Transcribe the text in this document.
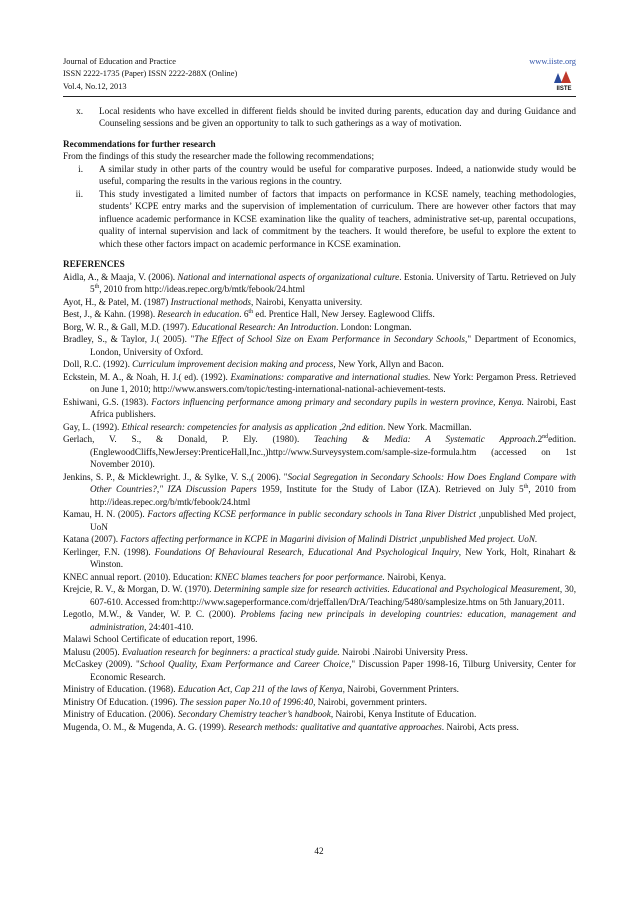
Journal of Education and Practice
ISSN 2222-1735 (Paper) ISSN 2222-288X (Online)
Vol.4, No.12, 2013
www.iiste.org
IISTE
x.	Local residents who have excelled in different fields should be invited during parents, education day and during Guidance and Counseling sessions and be given an opportunity to talk to such gatherings as a way of motivation.
Recommendations for further research
From the findings of this study the researcher made the following recommendations;
i.	A similar study in other parts of the country would be useful for comparative purposes. Indeed, a nationwide study would be useful, comparing the results in the various regions in the country.
ii.	This study investigated a limited number of factors that impacts on performance in KCSE namely, teaching methodologies, students’ KCPE entry marks and the supervision of implementation of curriculum. There are however other factors that may influence academic performance in KCSE examination like the quality of teachers, administrative set-up, parental occupations, quality of internal supervision and lack of commitment by the teachers. It would therefore, be useful to explore the extent to which these other factors impact on academic performance in KCSE examination.
REFERENCES
Aidla, A., & Maaja, V. (2006). National and international aspects of organizational culture. Estonia. University of Tartu. Retrieved on July 5th, 2010 from http://ideas.repec.org/b/mtk/febook/24.html
Ayot, H., & Patel, M. (1987) Instructional methods, Nairobi, Kenyatta university.
Best, J., & Kahn. (1998). Research in education. 6th ed. Prentice Hall, New Jersey. Eaglewood Cliffs.
Borg, W. R., & Gall, M.D. (1997). Educational Research: An Introduction. London: Longman.
Bradley, S., & Taylor, J.( 2005). "The Effect of School Size on Exam Performance in Secondary Schools," Department of Economics, London, University of Oxford.
Doll, R.C. (1992). Curriculum improvement decision making and process, New York, Allyn and Bacon.
Eckstein, M. A., & Noah, H. J.( ed). (1992). Examinations: comparative and international studies. New York: Pergamon Press. Retrieved on June 1, 2010; http://www.answers.com/topic/testing-international-national-achievement-tests.
Eshiwani, G.S. (1983). Factors influencing performance among primary and secondary pupils in western province, Kenya. Nairobi, East Africa publishers.
Gay, L. (1992). Ethical research: competencies for analysis as application ,2nd edition. New York. Macmillan.
Gerlach, V. S., & Donald, P. Ely. (1980). Teaching & Media: A Systematic Approach.2ndedition.(EnglewoodCliffs,NewJersey:PrenticeHall,Inc.,)http://www.Surveysystem.com/sample-size-formula.htm (accessed on 1st November 2010).
Jenkins, S. P., & Micklewright. J., & Sylke, V. S.,( 2006). "Social Segregation in Secondary Schools: How Does England Compare with Other Countries?," IZA Discussion Papers 1959, Institute for the Study of Labor (IZA). Retrieved on July 5th, 2010 from http://ideas.repec.org/b/mtk/febook/24.html
Kamau, H. N. (2005). Factors affecting KCSE performance in public secondary schools in Tana River District ,unpublished Med project, UoN
Katana (2007). Factors affecting performance in KCPE in Magarini division of Malindi District ,unpublished Med project. UoN.
Kerlinger, F.N. (1998). Foundations Of Behavioural Research, Educational And Psychological Inquiry, New York, Holt, Rinahart & Winston.
KNEC annual report. (2010). Education: KNEC blames teachers for poor performance. Nairobi, Kenya.
Krejcie, R. V., & Morgan, D. W. (1970). Determining sample size for research activities. Educational and Psychological Measurement, 30, 607-610. Accessed from:http://www.sageperformance.com/drjeffallen/DrA/Teaching/5480/samplesize.htms on 5th January,2011.
Legotlo, M.W., & Vander, W. P. C. (2000). Problems facing new principals in developing countries: education, management and administration, 24:401-410.
Malawi School Certificate of education report, 1996.
Malusu (2005). Evaluation research for beginners: a practical study guide. Nairobi .Nairobi University Press.
McCaskey (2009). "School Quality, Exam Performance and Career Choice," Discussion Paper 1998-16, Tilburg University, Center for Economic Research.
Ministry of Education. (1968). Education Act, Cap 211 of the laws of Kenya, Nairobi, Government Printers.
Ministry Of Education. (1996). The session paper No.10 of 1996:40, Nairobi, government printers.
Ministry of Education. (2006). Secondary Chemistry teacher’s handbook, Nairobi, Kenya Institute of Education.
Mugenda, O. M., & Mugenda, A. G. (1999). Research methods: qualitative and quantative approaches. Nairobi, Acts press.
42
